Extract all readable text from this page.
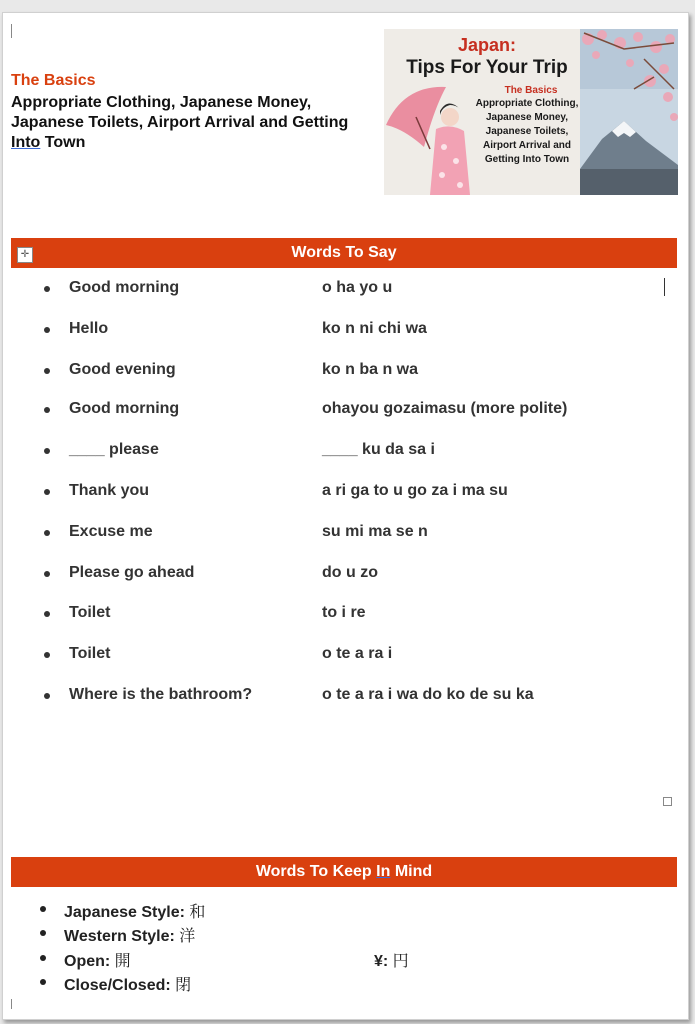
The Basics
Appropriate Clothing, Japanese Money, Japanese Toilets, Airport Arrival and Getting Into Town
Japan:
Tips For Your Trip
The Basics
Appropriate Clothing, Japanese Money, Japanese Toilets, Airport Arrival and Getting Into Town
Words To Say
✛
Good morning	o ha yo u
Hello	ko n ni chi wa
Good evening	ko n ba n wa
Good morning	ohayou gozaimasu (more polite)
____ please	____ ku da sa i
Thank you	a ri ga to u go za i ma su
Excuse me	su mi ma se n
Please go ahead	do u zo
Toilet	to i re
Toilet	o te a ra i
Where is the bathroom?	o te a ra i wa do ko de su ka
Words To Keep In Mind
Japanese Style: 和
Western Style: 洋
Open: 開
Close/Closed: 閉
¥: 円
